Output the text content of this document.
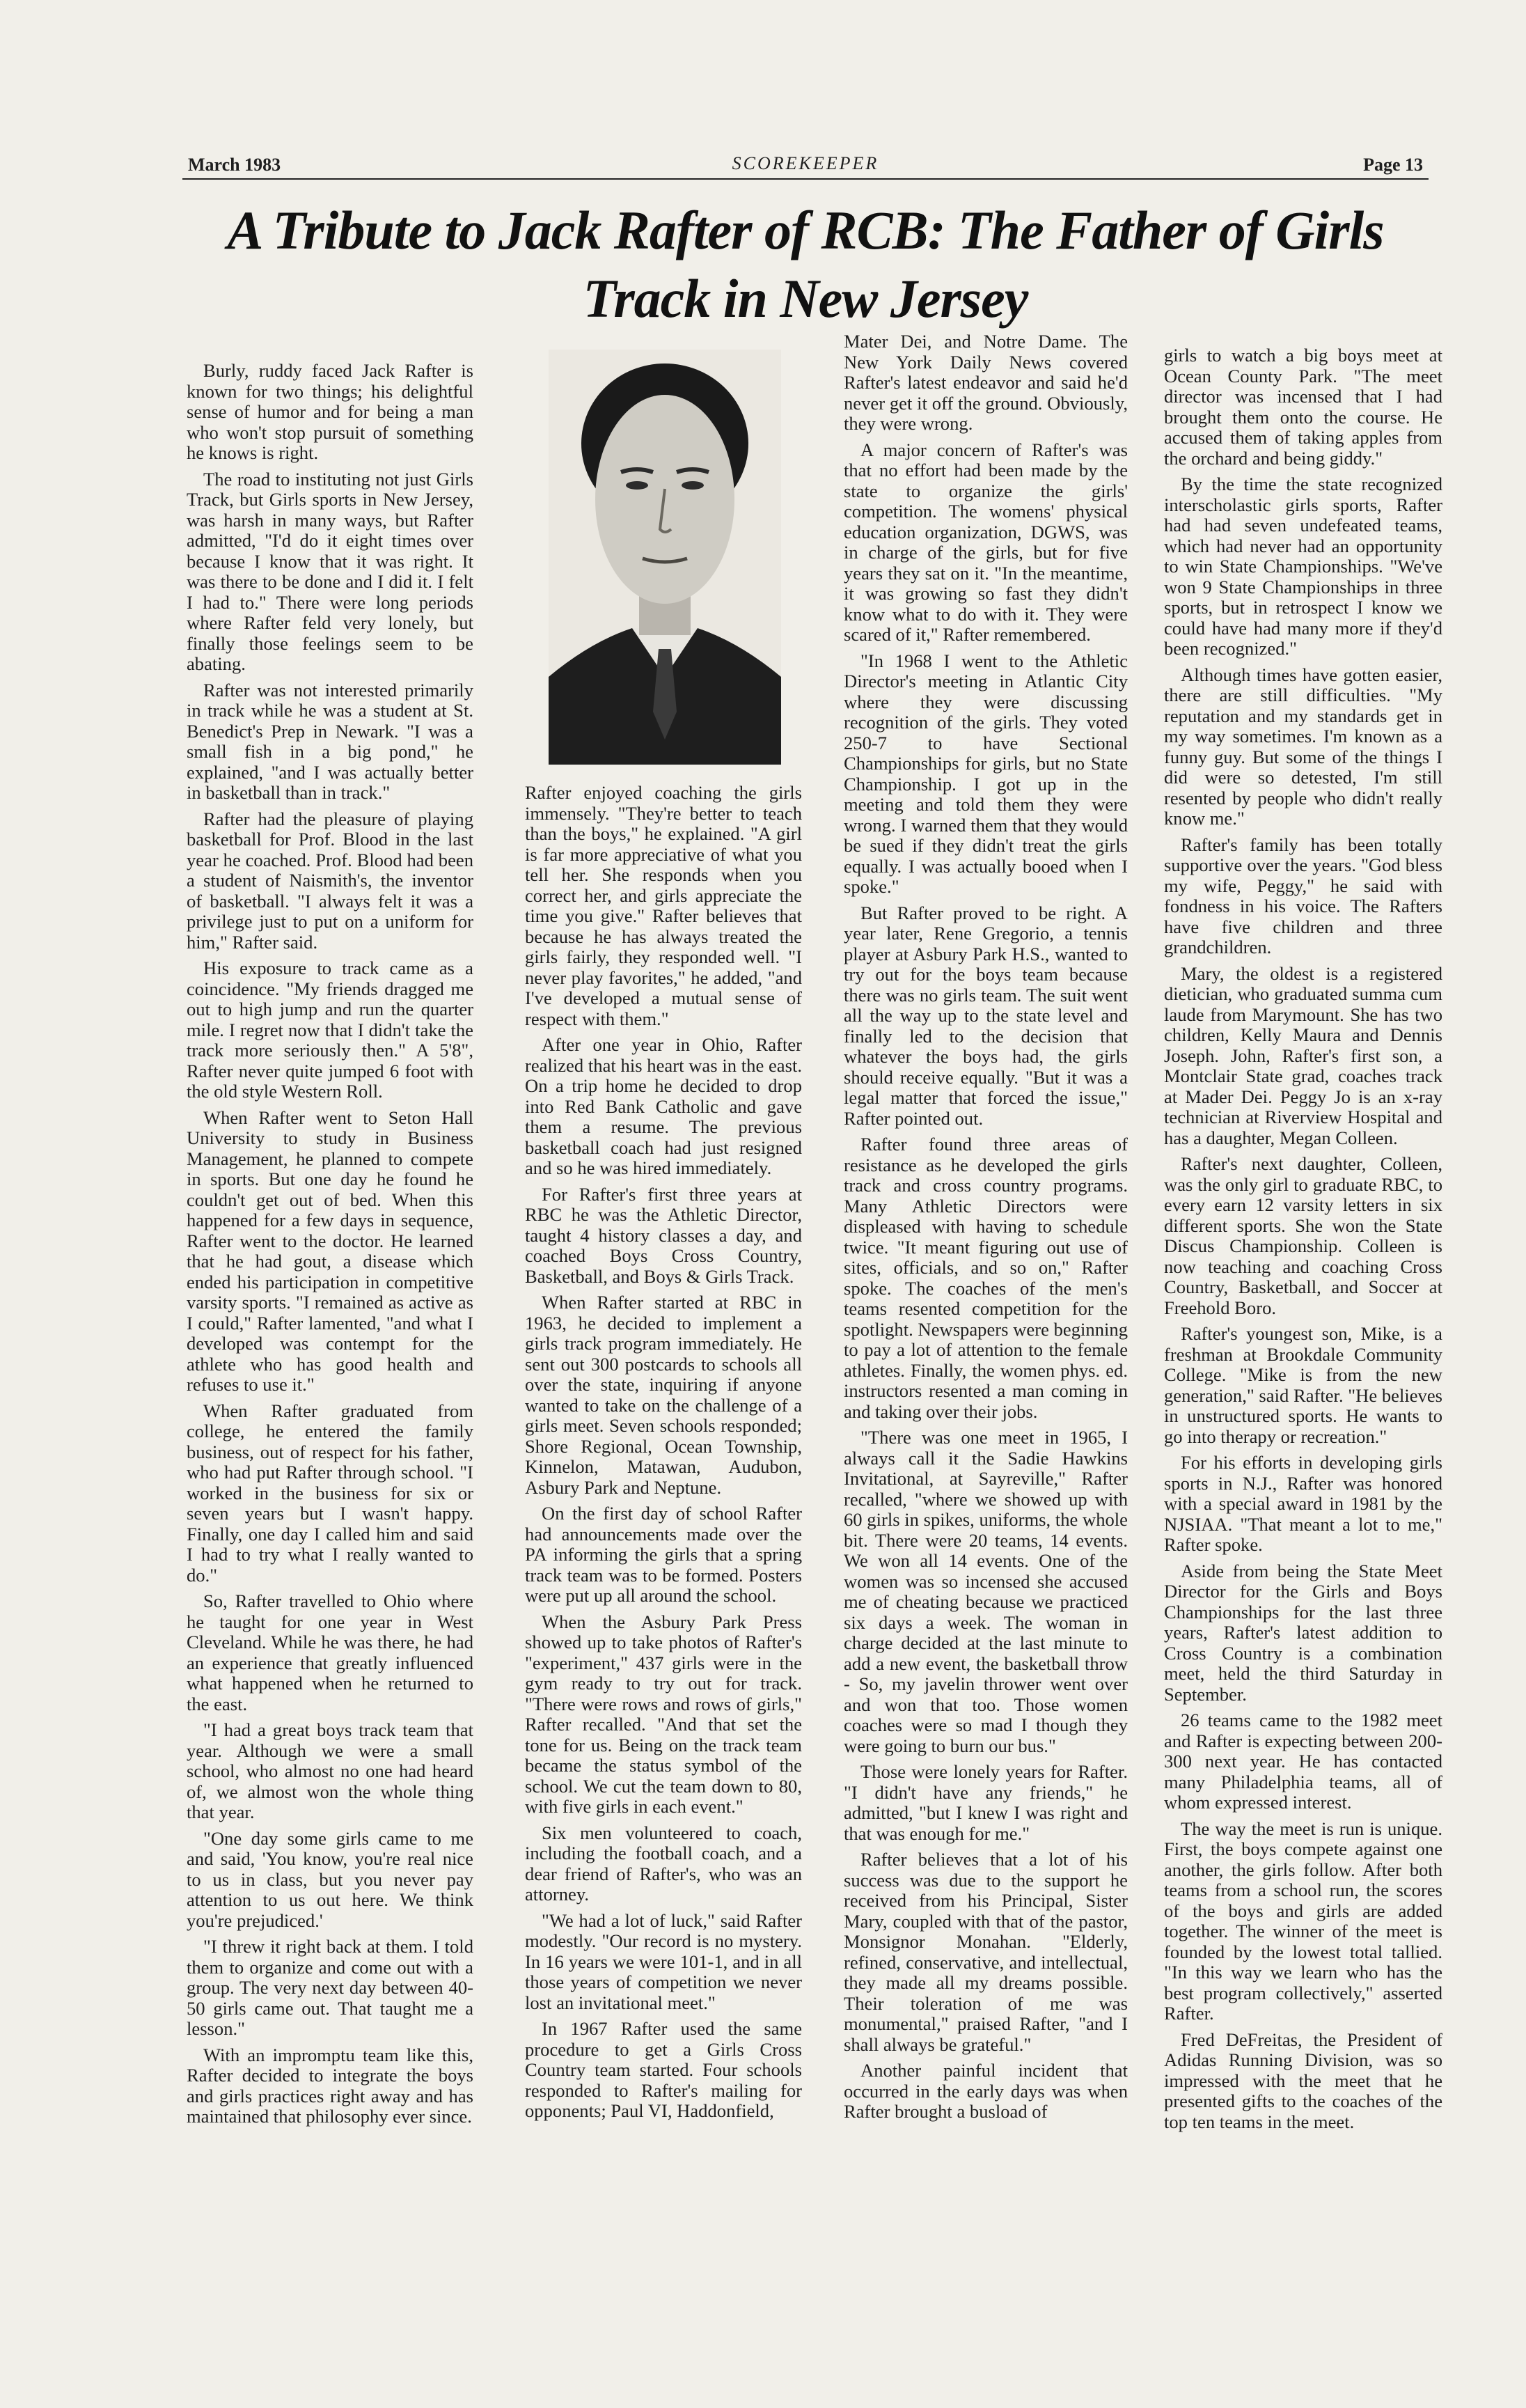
March 1983	SCOREKEEPER	Page 13
A Tribute to Jack Rafter of RCB: The Father of Girls Track in New Jersey

Burly, ruddy faced Jack Rafter is known for two things; his delightful sense of humor and for being a man who won't stop pursuit of something he knows is right.

The road to instituting not just Girls Track, but Girls sports in New Jersey, was harsh in many ways, but Rafter admitted, "I'd do it eight times over because I know that it was right. It was there to be done and I did it. I felt I had to." There were long periods where Rafter feld very lonely, but finally those feelings seem to be abating.

Rafter was not interested primarily in track while he was a student at St. Benedict's Prep in Newark. "I was a small fish in a big pond," he explained, "and I was actually better in basketball than in track."

Rafter had the pleasure of playing basketball for Prof. Blood in the last year he coached. Prof. Blood had been a student of Naismith's, the inventor of basketball. "I always felt it was a privilege just to put on a uniform for him," Rafter said.

His exposure to track came as a coincidence. "My friends dragged me out to high jump and run the quarter mile. I regret now that I didn't take the track more seriously then." A 5'8", Rafter never quite jumped 6 foot with the old style Western Roll.

When Rafter went to Seton Hall University to study in Business Management, he planned to compete in sports. But one day he found he couldn't get out of bed. When this happened for a few days in sequence, Rafter went to the doctor. He learned that he had gout, a disease which ended his participation in competitive varsity sports. "I remained as active as I could," Rafter lamented, "and what I developed was contempt for the athlete who has good health and refuses to use it."

When Rafter graduated from college, he entered the family business, out of respect for his father, who had put Rafter through school. "I worked in the business for six or seven years but I wasn't happy. Finally, one day I called him and said I had to try what I really wanted to do."

So, Rafter travelled to Ohio where he taught for one year in West Cleveland. While he was there, he had an experience that greatly influenced what happened when he returned to the east.

"I had a great boys track team that year. Although we were a small school, who almost no one had heard of, we almost won the whole thing that year.

"One day some girls came to me and said, 'You know, you're real nice to us in class, but you never pay attention to us out here. We think you're prejudiced.'

"I threw it right back at them. I told them to organize and come out with a group. The very next day between 40-50 girls came out. That taught me a lesson."

With an impromptu team like this, Rafter decided to integrate the boys and girls practices right away and has maintained that philosophy ever since.

Rafter enjoyed coaching the girls immensely. "They're better to teach than the boys," he explained. "A girl is far more appreciative of what you tell her. She responds when you correct her, and girls appreciate the time you give." Rafter believes that because he has always treated the girls fairly, they responded well. "I never play favorites," he added, "and I've developed a mutual sense of respect with them."

After one year in Ohio, Rafter realized that his heart was in the east. On a trip home he decided to drop into Red Bank Catholic and gave them a resume. The previous basketball coach had just resigned and so he was hired immediately.

For Rafter's first three years at RBC he was the Athletic Director, taught 4 history classes a day, and coached Boys Cross Country, Basketball, and Boys & Girls Track.

When Rafter started at RBC in 1963, he decided to implement a girls track program immediately. He sent out 300 postcards to schools all over the state, inquiring if anyone wanted to take on the challenge of a girls meet. Seven schools responded; Shore Regional, Ocean Township, Kinnelon, Matawan, Audubon, Asbury Park and Neptune.

On the first day of school Rafter had announcements made over the PA informing the girls that a spring track team was to be formed. Posters were put up all around the school.

When the Asbury Park Press showed up to take photos of Rafter's "experiment," 437 girls were in the gym ready to try out for track. "There were rows and rows of girls," Rafter recalled. "And that set the tone for us. Being on the track team became the status symbol of the school. We cut the team down to 80, with five girls in each event."

Six men volunteered to coach, including the football coach, and a dear friend of Rafter's, who was an attorney.

"We had a lot of luck," said Rafter modestly. "Our record is no mystery. In 16 years we were 101-1, and in all those years of competition we never lost an invitational meet."

In 1967 Rafter used the same procedure to get a Girls Cross Country team started. Four schools responded to Rafter's mailing for opponents; Paul VI, Haddonfield,

Mater Dei, and Notre Dame. The New York Daily News covered Rafter's latest endeavor and said he'd never get it off the ground. Obviously, they were wrong.

A major concern of Rafter's was that no effort had been made by the state to organize the girls' competition. The womens' physical education organization, DGWS, was in charge of the girls, but for five years they sat on it. "In the meantime, it was growing so fast they didn't know what to do with it. They were scared of it," Rafter remembered.

"In 1968 I went to the Athletic Director's meeting in Atlantic City where they were discussing recognition of the girls. They voted 250-7 to have Sectional Championships for girls, but no State Championship. I got up in the meeting and told them they were wrong. I warned them that they would be sued if they didn't treat the girls equally. I was actually booed when I spoke."

But Rafter proved to be right. A year later, Rene Gregorio, a tennis player at Asbury Park H.S., wanted to try out for the boys team because there was no girls team. The suit went all the way up to the state level and finally led to the decision that whatever the boys had, the girls should receive equally. "But it was a legal matter that forced the issue," Rafter pointed out.

Rafter found three areas of resistance as he developed the girls track and cross country programs. Many Athletic Directors were displeased with having to schedule twice. "It meant figuring out use of sites, officials, and so on," Rafter spoke. The coaches of the men's teams resented competition for the spotlight. Newspapers were beginning to pay a lot of attention to the female athletes. Finally, the women phys. ed. instructors resented a man coming in and taking over their jobs.

"There was one meet in 1965, I always call it the Sadie Hawkins Invitational, at Sayreville," Rafter recalled, "where we showed up with 60 girls in spikes, uniforms, the whole bit. There were 20 teams, 14 events. We won all 14 events. One of the women was so incensed she accused me of cheating because we practiced six days a week. The woman in charge decided at the last minute to add a new event, the basketball throw - So, my javelin thrower went over and won that too. Those women coaches were so mad I though they were going to burn our bus."

Those were lonely years for Rafter. "I didn't have any friends," he admitted, "but I knew I was right and that was enough for me."

Rafter believes that a lot of his success was due to the support he received from his Principal, Sister Mary, coupled with that of the pastor, Monsignor Monahan. "Elderly, refined, conservative, and intellectual, they made all my dreams possible. Their toleration of me was monumental," praised Rafter, "and I shall always be grateful."

Another painful incident that occurred in the early days was when Rafter brought a busload of

girls to watch a big boys meet at Ocean County Park. "The meet director was incensed that I had brought them onto the course. He accused them of taking apples from the orchard and being giddy."

By the time the state recognized interscholastic girls sports, Rafter had had seven undefeated teams, which had never had an opportunity to win State Championships. "We've won 9 State Championships in three sports, but in retrospect I know we could have had many more if they'd been recognized."

Although times have gotten easier, there are still difficulties. "My reputation and my standards get in my way sometimes. I'm known as a funny guy. But some of the things I did were so detested, I'm still resented by people who didn't really know me."

Rafter's family has been totally supportive over the years. "God bless my wife, Peggy," he said with fondness in his voice. The Rafters have five children and three grandchildren.

Mary, the oldest is a registered dietician, who graduated summa cum laude from Marymount. She has two children, Kelly Maura and Dennis Joseph. John, Rafter's first son, a Montclair State grad, coaches track at Mader Dei. Peggy Jo is an x-ray technician at Riverview Hospital and has a daughter, Megan Colleen.

Rafter's next daughter, Colleen, was the only girl to graduate RBC, to every earn 12 varsity letters in six different sports. She won the State Discus Championship. Colleen is now teaching and coaching Cross Country, Basketball, and Soccer at Freehold Boro.

Rafter's youngest son, Mike, is a freshman at Brookdale Community College. "Mike is from the new generation," said Rafter. "He believes in unstructured sports. He wants to go into therapy or recreation."

For his efforts in developing girls sports in N.J., Rafter was honored with a special award in 1981 by the NJSIAA. "That meant a lot to me," Rafter spoke.

Aside from being the State Meet Director for the Girls and Boys Championships for the last three years, Rafter's latest addition to Cross Country is a combination meet, held the third Saturday in September.

26 teams came to the 1982 meet and Rafter is expecting between 200-300 next year. He has contacted many Philadelphia teams, all of whom expressed interest.

The way the meet is run is unique. First, the boys compete against one another, the girls follow. After both teams from a school run, the scores of the boys and girls are added together. The winner of the meet is founded by the lowest total tallied. "In this way we learn who has the best program collectively," asserted Rafter.

Fred DeFreitas, the President of Adidas Running Division, was so impressed with the meet that he presented gifts to the coaches of the top ten teams in the meet.
